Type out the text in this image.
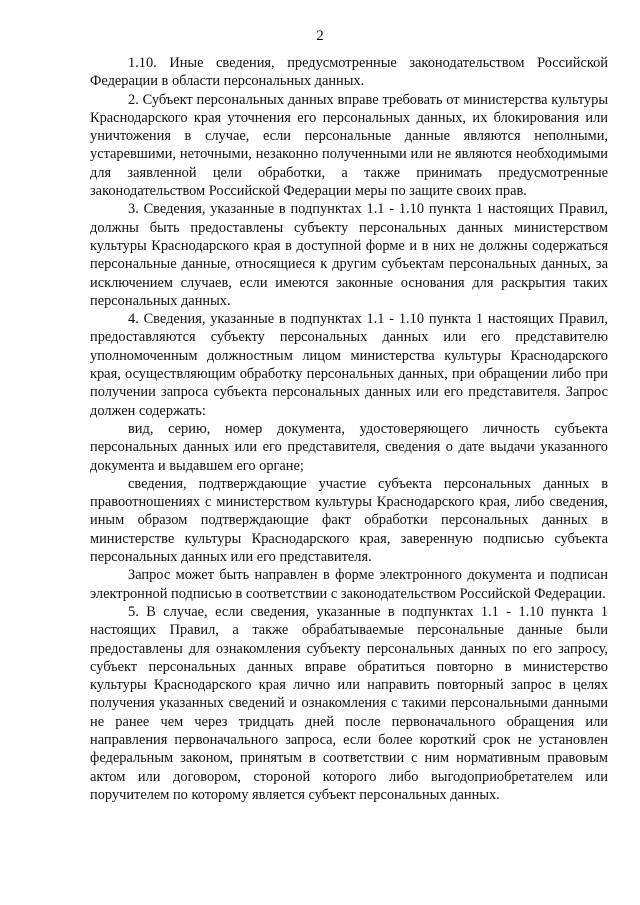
2

1.10. Иные сведения, предусмотренные законодательством Российской Федерации в области персональных данных.

2. Субъект персональных данных вправе требовать от министерства культуры Краснодарского края уточнения его персональных данных, их блокирования или уничтожения в случае, если персональные данные являются неполными, устаревшими, неточными, незаконно полученными или не являются необходимыми для заявленной цели обработки, а также принимать предусмотренные законодательством Российской Федерации меры по защите своих прав.

3. Сведения, указанные в подпунктах 1.1 - 1.10 пункта 1 настоящих Правил, должны быть предоставлены субъекту персональных данных министерством культуры Краснодарского края в доступной форме и в них не должны содержаться персональные данные, относящиеся к другим субъектам персональных данных, за исключением случаев, если имеются законные основания для раскрытия таких персональных данных.

4. Сведения, указанные в подпунктах 1.1 - 1.10 пункта 1 настоящих Правил, предоставляются субъекту персональных данных или его представителю уполномоченным должностным лицом министерства культуры Краснодарского края, осуществляющим обработку персональных данных, при обращении либо при получении запроса субъекта персональных данных или его представителя. Запрос должен содержать:

вид, серию, номер документа, удостоверяющего личность субъекта персональных данных или его представителя, сведения о дате выдачи указанного документа и выдавшем его органе;

сведения, подтверждающие участие субъекта персональных данных в правоотношениях с министерством культуры Краснодарского края, либо сведения, иным образом подтверждающие факт обработки персональных данных в министерстве культуры Краснодарского края, заверенную подписью субъекта персональных данных или его представителя.

Запрос может быть направлен в форме электронного документа и подписан электронной подписью в соответствии с законодательством Российской Федерации.

5. В случае, если сведения, указанные в подпунктах 1.1 - 1.10 пункта 1 настоящих Правил, а также обрабатываемые персональные данные были предоставлены для ознакомления субъекту персональных данных по его запросу, субъект персональных данных вправе обратиться повторно в министерство культуры Краснодарского края лично или направить повторный запрос в целях получения указанных сведений и ознакомления с такими персональными данными не ранее чем через тридцать дней после первоначального обращения или направления первоначального запроса, если более короткий срок не установлен федеральным законом, принятым в соответствии с ним нормативным правовым актом или договором, стороной которого либо выгодоприобретателем или поручителем по которому является субъект персональных данных.
